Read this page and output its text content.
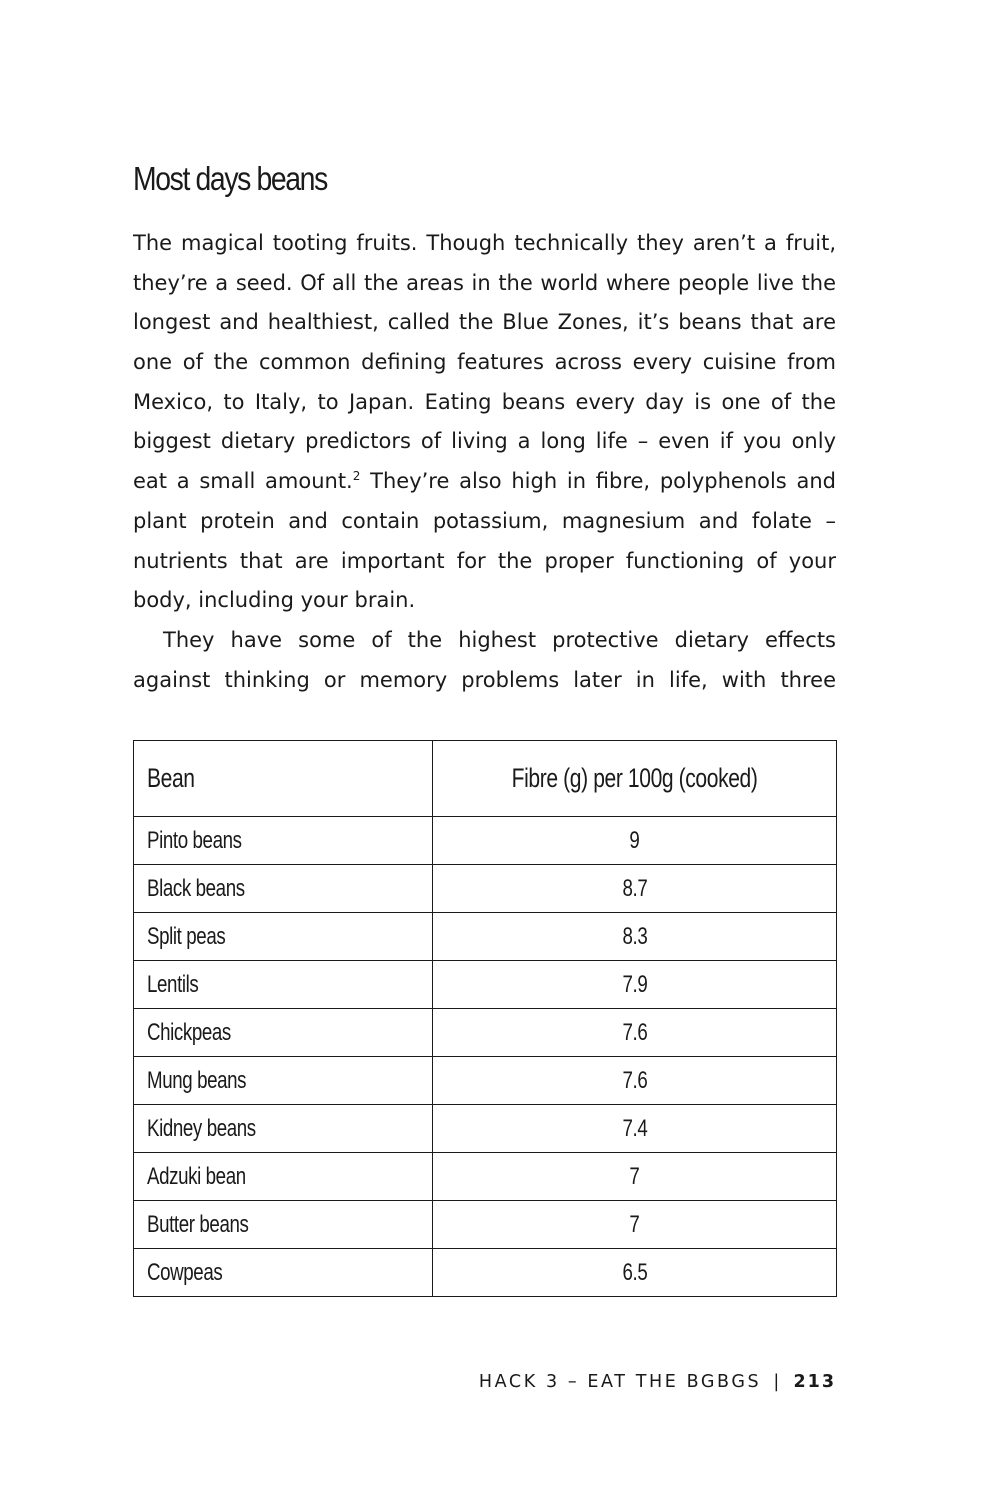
Most days beans
The magical tooting fruits. Though technically they aren’t a fruit,
they’re a seed. Of all the areas in the world where people live the
longest and healthiest, called the Blue Zones, it’s beans that are
one of the common defining features across every cuisine from
Mexico, to Italy, to Japan. Eating beans every day is one of the
biggest dietary predictors of living a long life – even if you only
eat a small amount.$^2$ They’re also high in fibre, polyphenols and
plant protein and contain potassium, magnesium and folate –
nutrients that are important for the proper functioning of your
body, including your brain.
They have some of the highest protective dietary effects
against thinking or memory problems later in life, with three
Bean	Fibre (g) per 100g (cooked)
Pinto beans	9
Black beans	8.7
Split peas	8.3
Lentils	7.9
Chickpeas	7.6
Mung beans	7.6
Kidney beans	7.4
Adzuki bean	7
Butter beans	7
Cowpeas	6.5
HACK 3 – EAT THE BGBGS | 213
